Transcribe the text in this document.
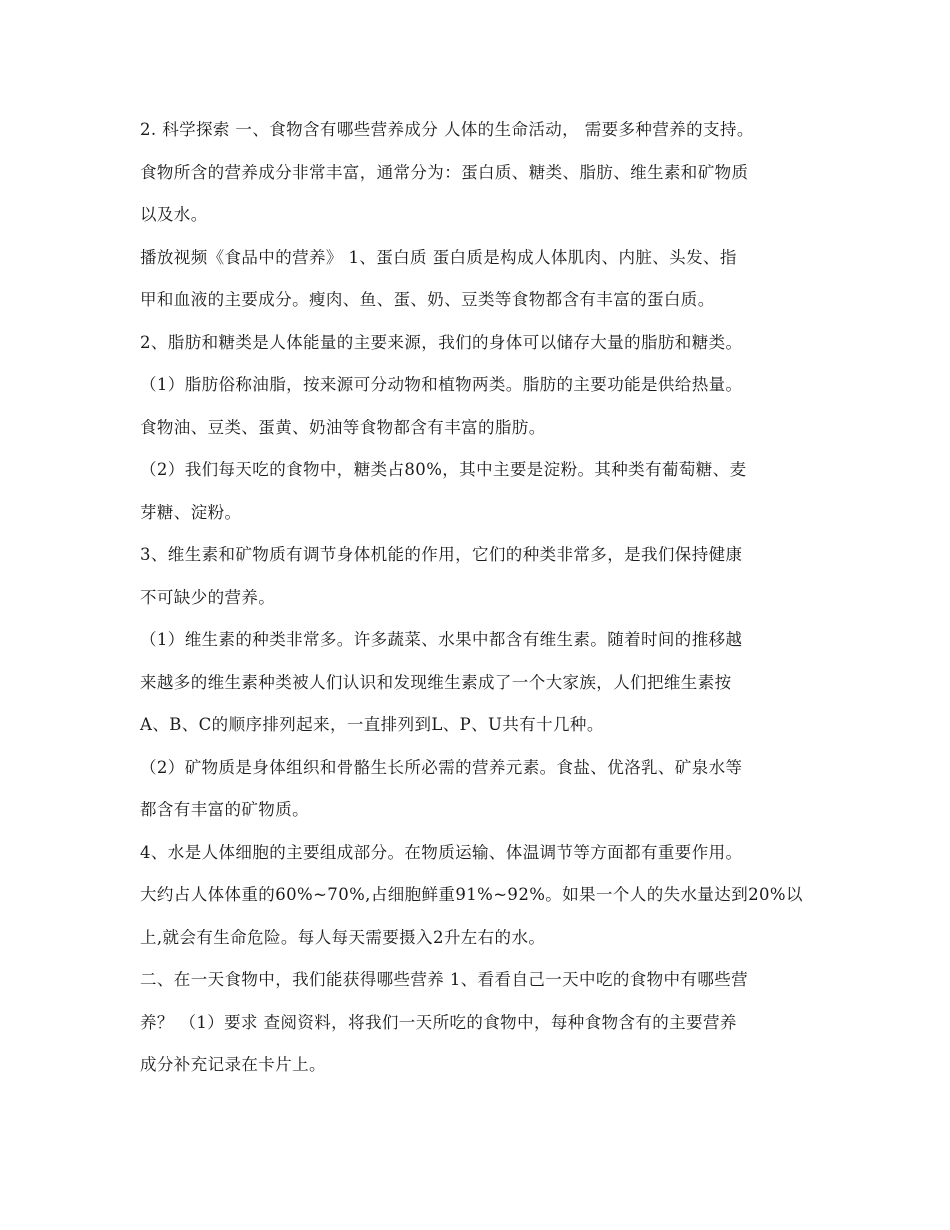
2. 科学探索 一、食物含有哪些营养成分 人体的生命活动， 需要多种营养的支持。
食物所含的营养成分非常丰富，通常分为：蛋白质、糖类、脂肪、维生素和矿物质
以及水。
播放视频《食品中的营养》 1、蛋白质 蛋白质是构成人体肌肉、内脏、头发、指
甲和血液的主要成分。瘦肉、鱼、蛋、奶、豆类等食物都含有丰富的蛋白质。
2、脂肪和糖类是人体能量的主要来源，我们的身体可以储存大量的脂肪和糖类。
（1）脂肪俗称油脂，按来源可分动物和植物两类。脂肪的主要功能是供给热量。
食物油、豆类、蛋黄、奶油等食物都含有丰富的脂肪。
（2）我们每天吃的食物中，糖类占80%，其中主要是淀粉。其种类有葡萄糖、麦
芽糖、淀粉。
3、维生素和矿物质有调节身体机能的作用，它们的种类非常多，是我们保持健康
不可缺少的营养。
（1）维生素的种类非常多。许多蔬菜、水果中都含有维生素。随着时间的推移越
来越多的维生素种类被人们认识和发现维生素成了一个大家族，人们把维生素按
A、B、C的顺序排列起来，一直排列到L、P、U共有十几种。
（2）矿物质是身体组织和骨骼生长所必需的营养元素。食盐、优洛乳、矿泉水等
都含有丰富的矿物质。
4、水是人体细胞的主要组成部分。在物质运输、体温调节等方面都有重要作用。
大约占人体体重的60%~70%,占细胞鲜重91%~92%。如果一个人的失水量达到20%以
上,就会有生命危险。每人每天需要摄入2升左右的水。
二、在一天食物中，我们能获得哪些营养 1、看看自己一天中吃的食物中有哪些营
养？ （1）要求 查阅资料，将我们一天所吃的食物中，每种食物含有的主要营养
成分补充记录在卡片上。
